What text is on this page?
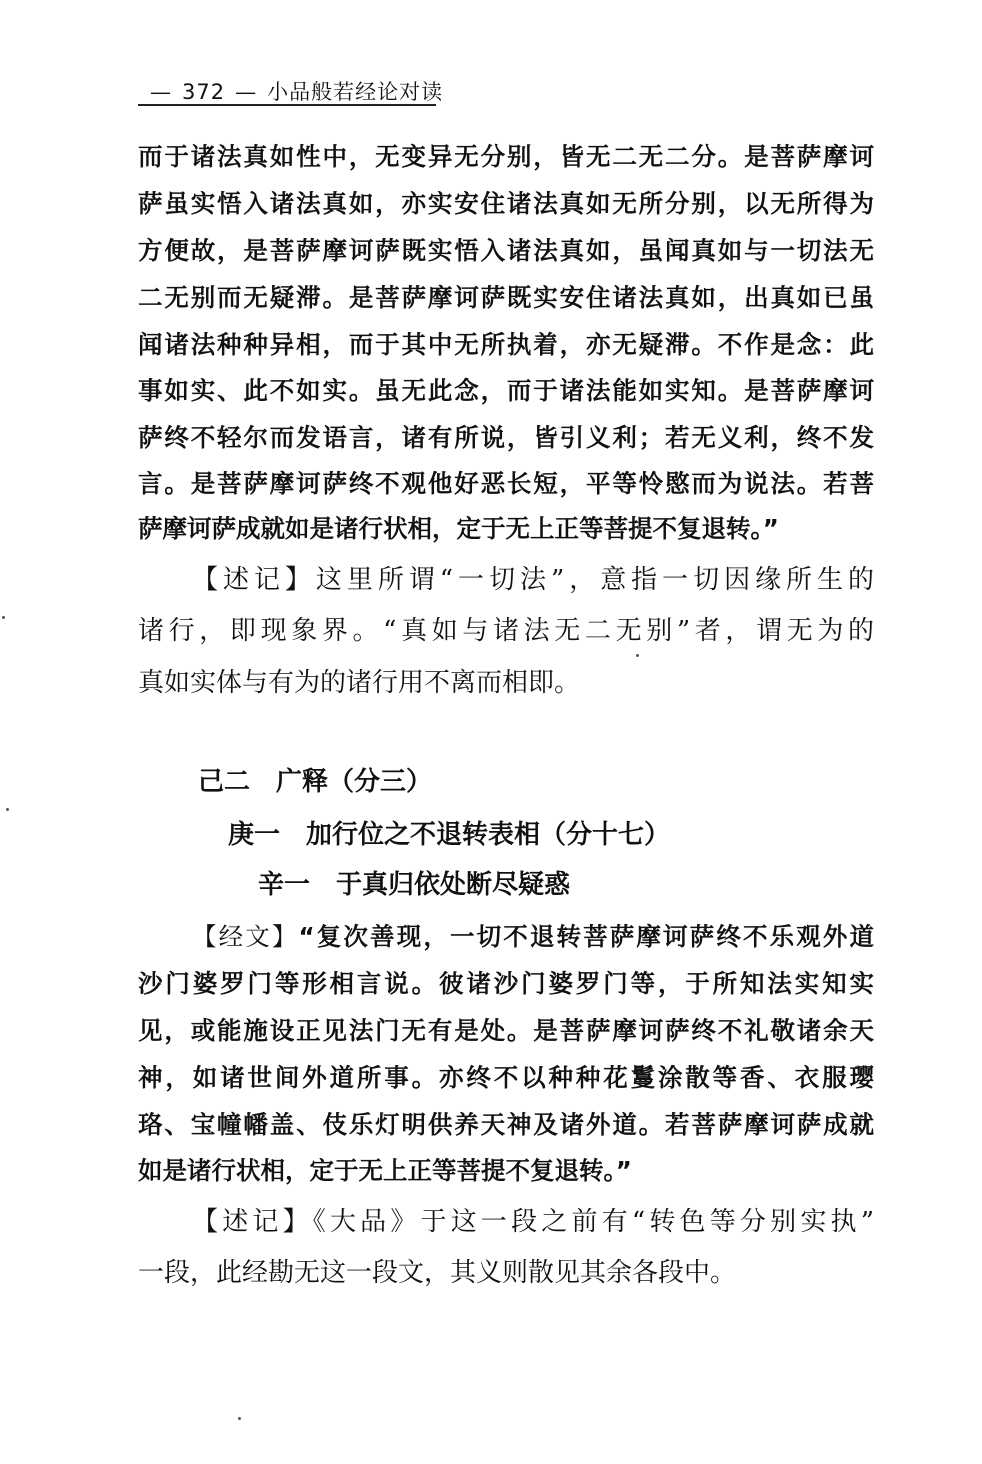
— 372 — 小品般若经论对读
而于诸法真如性中，无变异无分别，皆无二无二分。是菩萨摩诃
萨虽实悟入诸法真如，亦实安住诸法真如无所分别，以无所得为
方便故，是菩萨摩诃萨既实悟入诸法真如，虽闻真如与一切法无
二无别而无疑滞。是菩萨摩诃萨既实安住诸法真如，出真如已虽
闻诸法种种异相，而于其中无所执着，亦无疑滞。不作是念：此
事如实、此不如实。虽无此念，而于诸法能如实知。是菩萨摩诃
萨终不轻尔而发语言，诸有所说，皆引义利；若无义利，终不发
言。是菩萨摩诃萨终不观他好恶长短，平等怜愍而为说法。若菩
萨摩诃萨成就如是诸行状相，定于无上正等菩提不复退转。”
【述记】这里所谓“一切法”，意指一切因缘所生的
诸行，即现象界。“真如与诸法无二无别”者，谓无为的
真如实体与有为的诸行用不离而相即。
己二　广释（分三）
庚一　加行位之不退转表相（分十七）
辛一　于真归依处断尽疑惑
【经文】“复次善现，一切不退转菩萨摩诃萨终不乐观外道
沙门婆罗门等形相言说。彼诸沙门婆罗门等，于所知法实知实
见，或能施设正见法门无有是处。是菩萨摩诃萨终不礼敬诸余天
神，如诸世间外道所事。亦终不以种种花鬘涂散等香、衣服璎
珞、宝幢幡盖、伎乐灯明供养天神及诸外道。若菩萨摩诃萨成就
如是诸行状相，定于无上正等菩提不复退转。”
【述记】《大品》于这一段之前有“转色等分别实执”
一段，此经勘无这一段文，其义则散见其余各段中。
